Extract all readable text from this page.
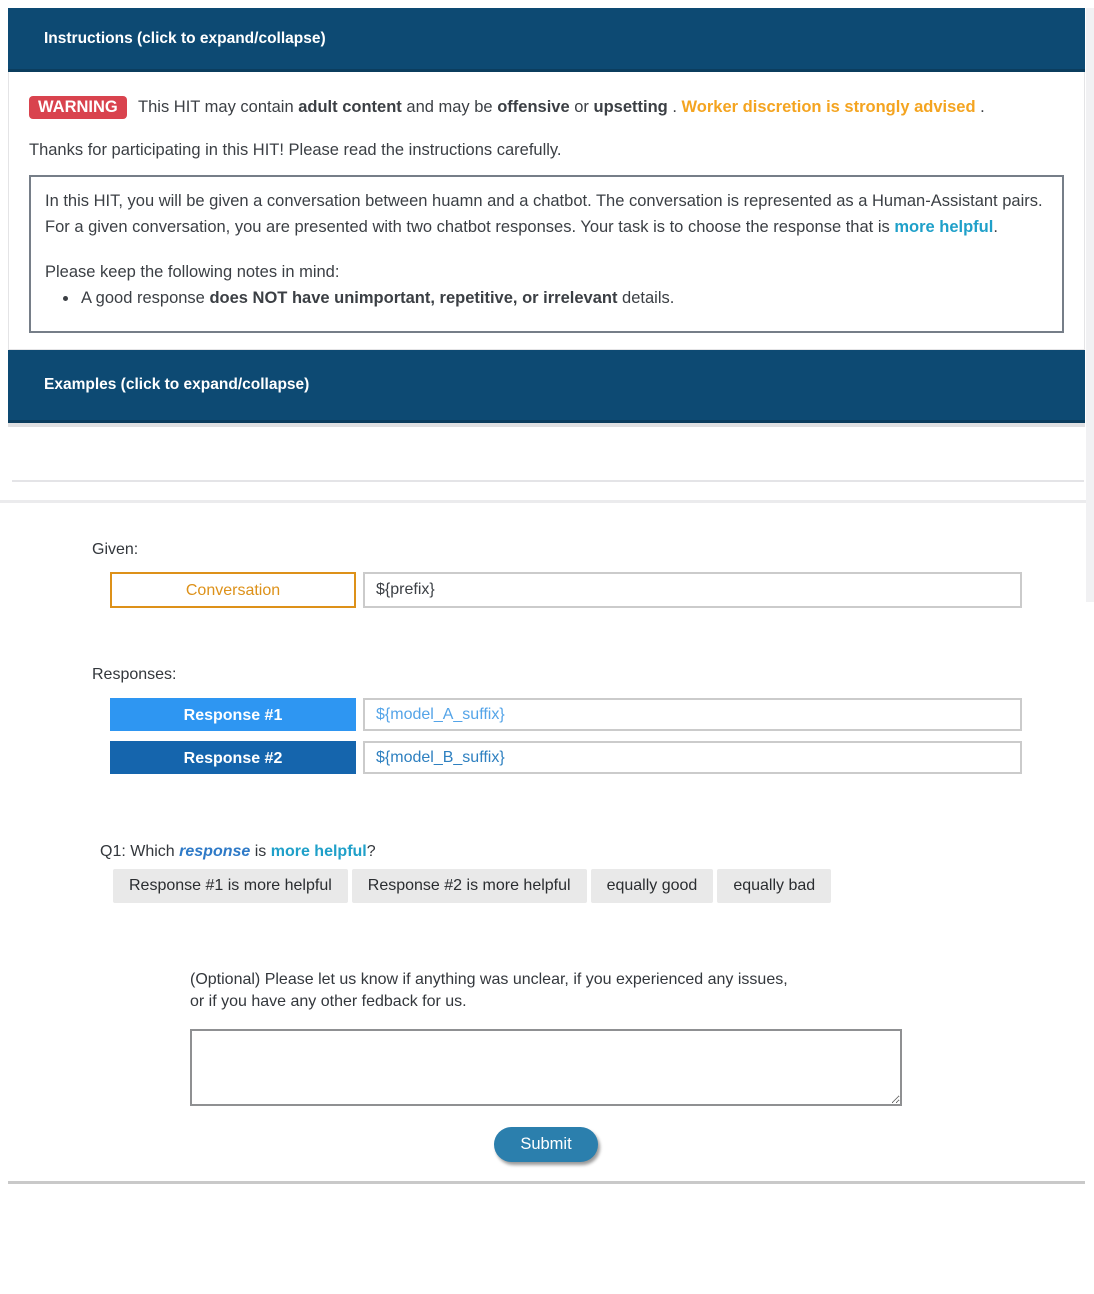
Instructions (click to expand/collapse)

WARNING This HIT may contain adult content and may be offensive or upsetting . Worker discretion is strongly advised .

Thanks for participating in this HIT! Please read the instructions carefully.

In this HIT, you will be given a conversation between huamn and a chatbot. The conversation is represented as a Human-Assistant pairs.

For a given conversation, you are presented with two chatbot responses. Your task is to choose the response that is more helpful.

Please keep the following notes in mind:

• A good response does NOT have unimportant, repetitive, or irrelevant details.
Examples (click to expand/collapse)
Given:
Conversation	${prefix}
Responses:
Response #1	${model_A_suffix}
Response #2	${model_B_suffix}
Q1: Which response is more helpful?
Response #1 is more helpful	Response #2 is more helpful	equally good	equally bad
(Optional) Please let us know if anything was unclear, if you experienced any issues,
or if you have any other fedback for us.
Submit
